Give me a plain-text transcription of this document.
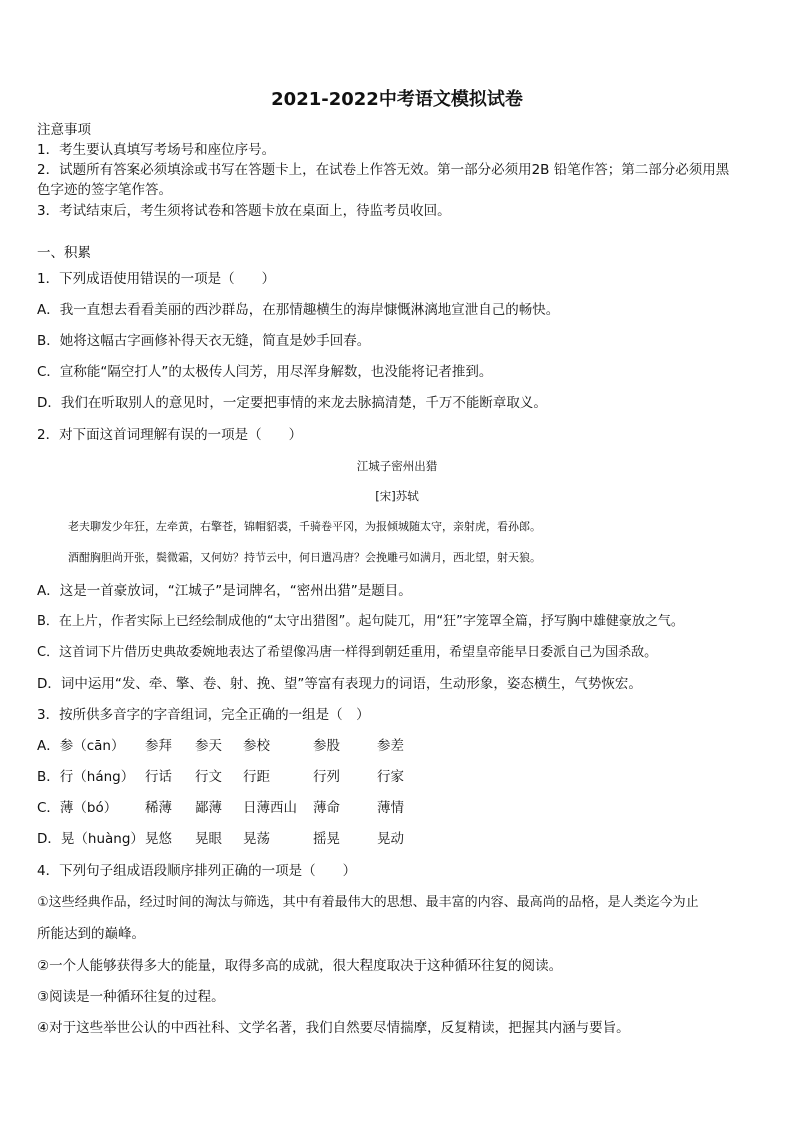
2021-2022中考语文模拟试卷
注意事项
1．考生要认真填写考场号和座位序号。
2．试题所有答案必须填涂或书写在答题卡上，在试卷上作答无效。第一部分必须用2B 铅笔作答；第二部分必须用黑
色字迹的签字笔作答。
3．考试结束后，考生须将试卷和答题卡放在桌面上，待监考员收回。
一、积累
1．下列成语使用错误的一项是（　　）
A．我一直想去看看美丽的西沙群岛，在那情趣横生的海岸慷慨淋漓地宣泄自己的畅快。
B．她将这幅古字画修补得天衣无缝，简直是妙手回春。
C．宣称能“隔空打人”的太极传人闫芳，用尽浑身解数，也没能将记者推到。
D．我们在听取别人的意见时，一定要把事情的来龙去脉搞清楚，千万不能断章取义。
2．对下面这首词理解有误的一项是（　　）
江城子密州出猎
[宋]苏轼
老夫聊发少年狂，左牵黄，右擎苍，锦帽貂裘，千骑卷平冈，为报倾城随太守，亲射虎，看孙郎。
酒酣胸胆尚开张，鬓微霜，又何妨？持节云中，何日遣冯唐？会挽雕弓如满月，西北望，射天狼。
A．这是一首豪放词，“江城子”是词牌名，“密州出猎”是题目。
B．在上片，作者实际上已经绘制成他的“太守出猎图”。起句陡兀，用“狂”字笼罩全篇，抒写胸中雄健豪放之气。
C．这首词下片借历史典故委婉地表达了希望像冯唐一样得到朝廷重用，希望皇帝能早日委派自己为国杀敌。
D．词中运用“发、牵、擎、卷、射、挽、望”等富有表现力的词语，生动形象，姿态横生，气势恢宏。
3．按所供多音字的字音组词，完全正确的一组是（　）
A．参（cān） 参拜 参天 参校	参股	参差
B．行（háng） 行话 行文 行距	行列	行家
C．薄（bó） 稀薄 鄙薄 日薄西山 薄命	薄情
D．晃（huàng）晃悠 晃眼 晃荡	摇晃	晃动
4．下列句子组成语段顺序排列正确的一项是（　　）
①这些经典作品，经过时间的淘汰与筛选，其中有着最伟大的思想、最丰富的内容、最高尚的品格，是人类迄今为止
所能达到的巅峰。
②一个人能够获得多大的能量，取得多高的成就，很大程度取决于这种循环往复的阅读。
③阅读是一种循环往复的过程。
④对于这些举世公认的中西社科、文学名著，我们自然要尽情揣摩，反复精读，把握其内涵与要旨。
